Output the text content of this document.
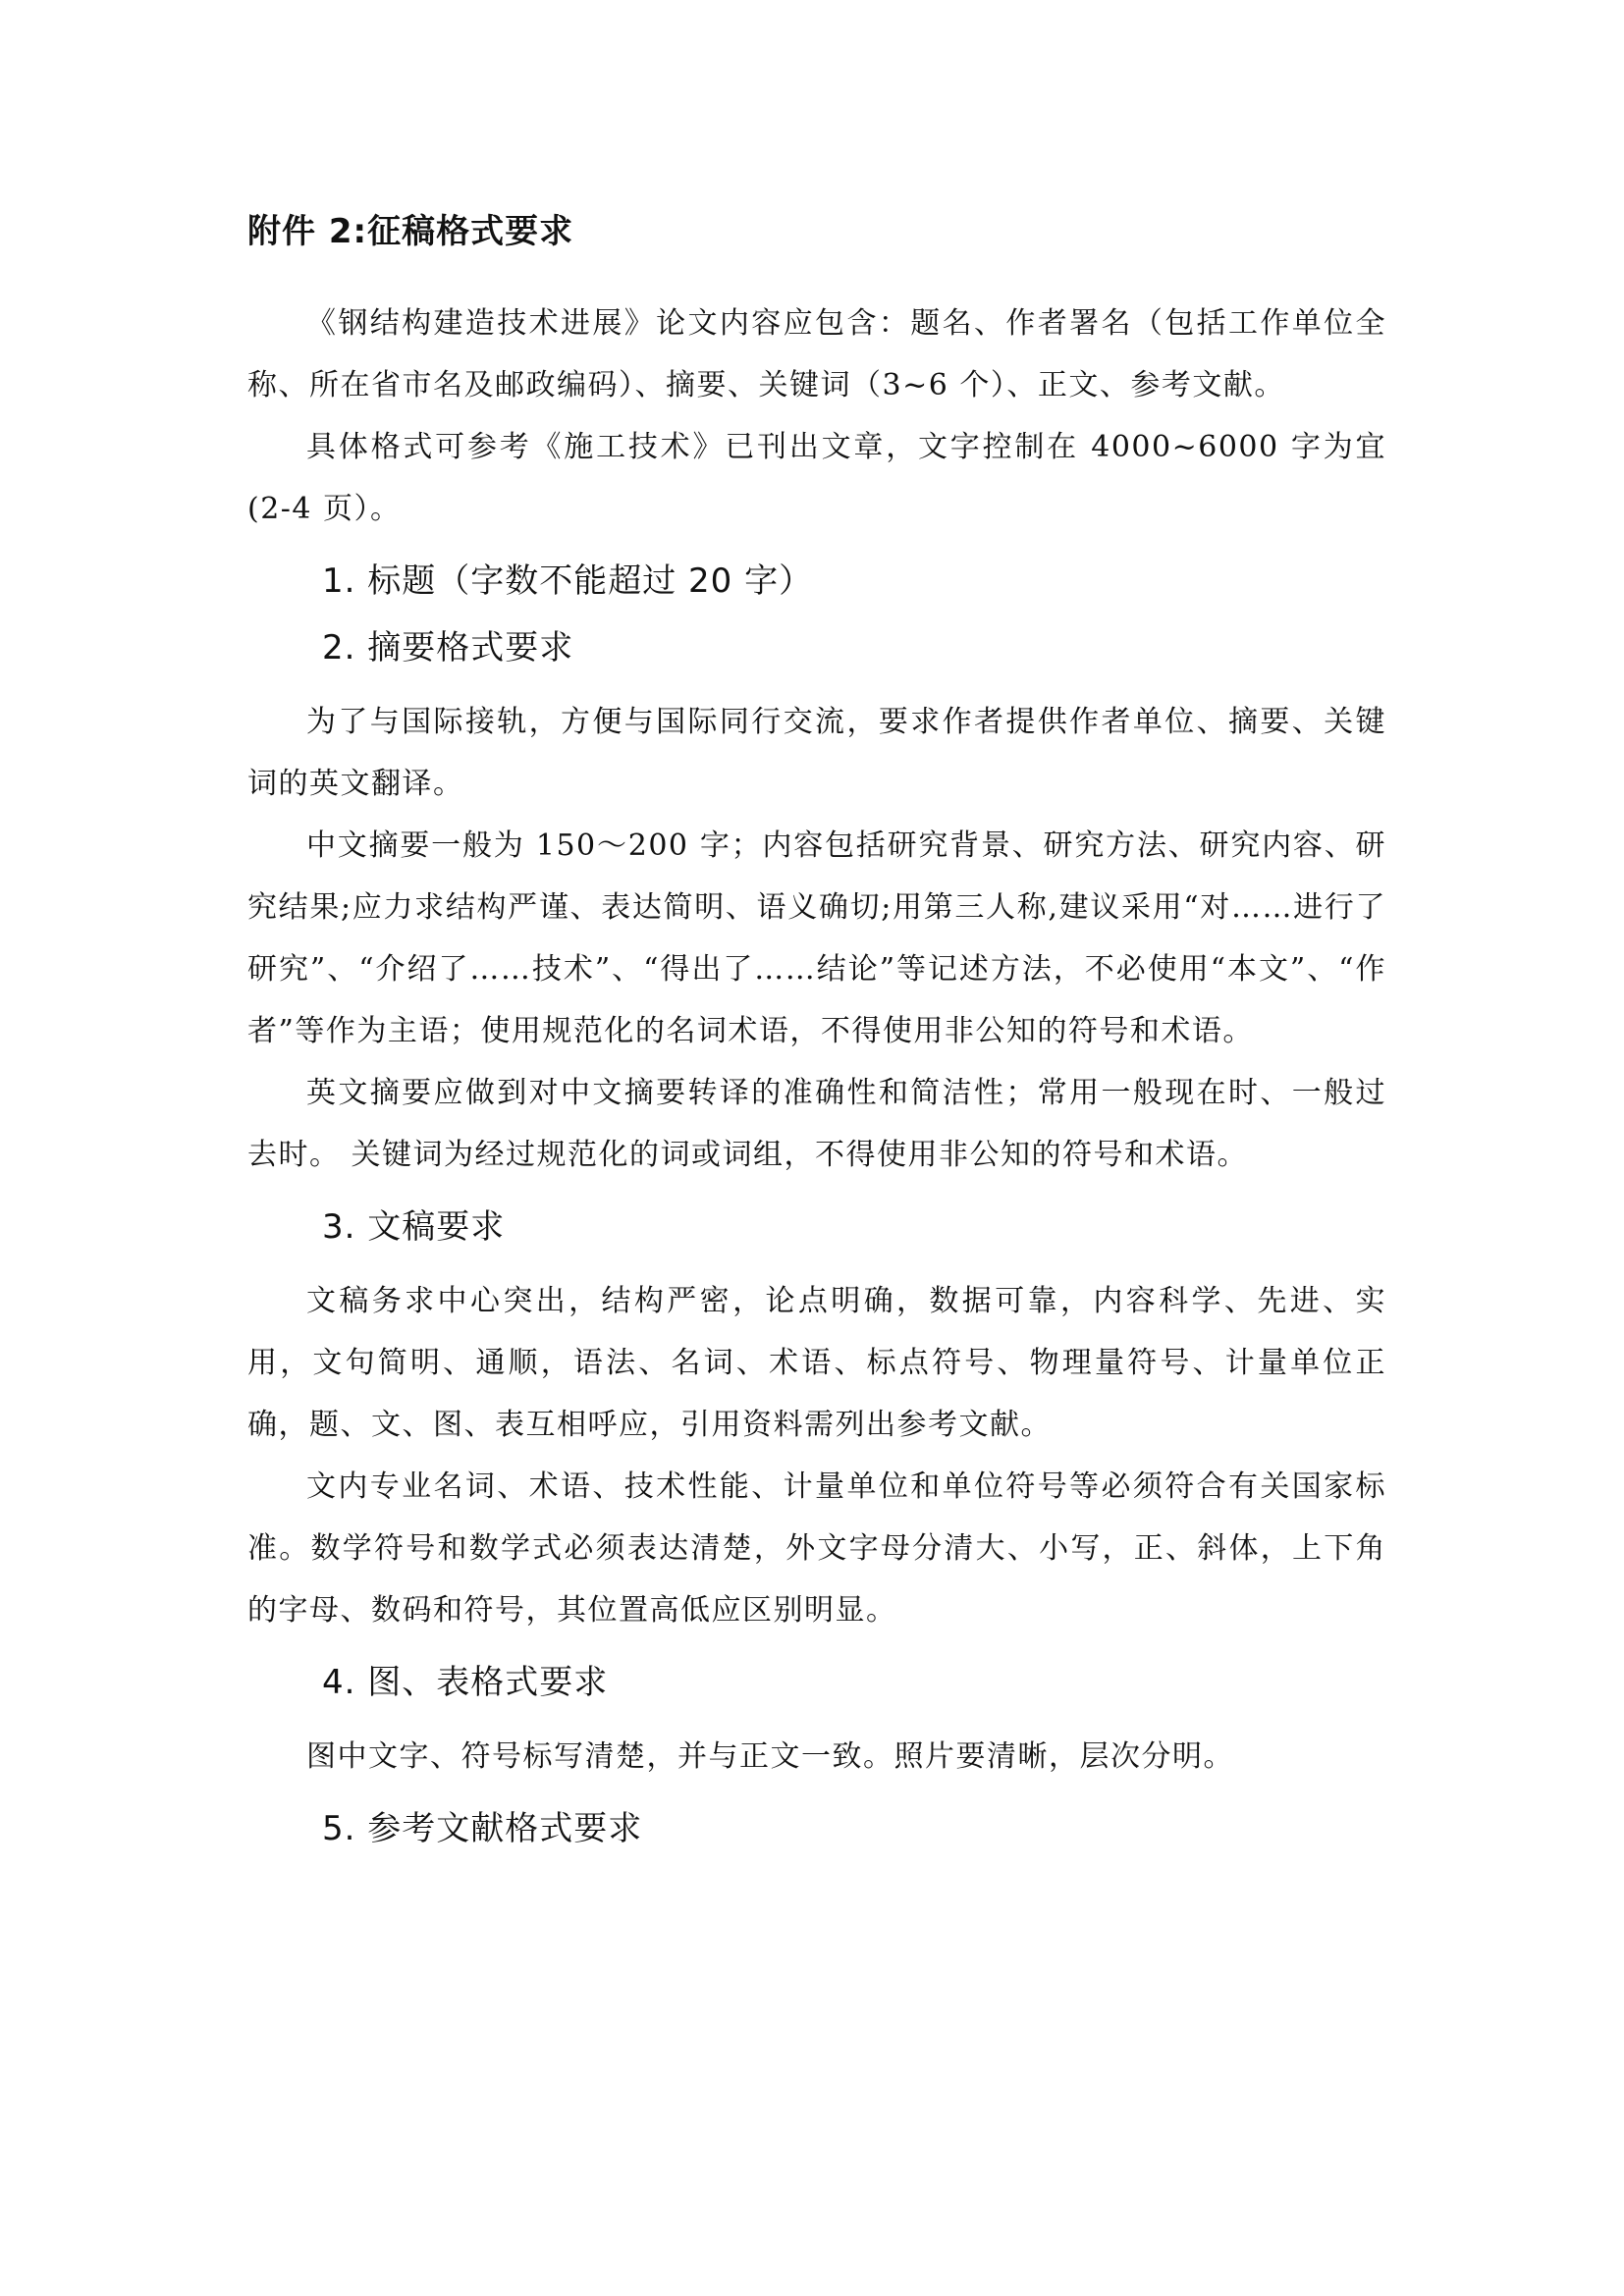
附件 2:征稿格式要求

《钢结构建造技术进展》论文内容应包含：题名、作者署名（包括工作单位全称、所在省市名及邮政编码）、摘要、关键词（3~6 个）、正文、参考文献。

具体格式可参考《施工技术》已刊出文章，文字控制在 4000~6000 字为宜(2-4 页）。

1. 标题（字数不能超过 20 字）
2. 摘要格式要求

为了与国际接轨，方便与国际同行交流，要求作者提供作者单位、摘要、关键词的英文翻译。

中文摘要一般为 150～200 字；内容包括研究背景、研究方法、研究内容、研究结果;应力求结构严谨、表达简明、语义确切;用第三人称,建议采用“对……进行了研究”、“介绍了……技术”、“得出了……结论”等记述方法，不必使用“本文”、“作者”等作为主语；使用规范化的名词术语，不得使用非公知的符号和术语。

英文摘要应做到对中文摘要转译的准确性和简洁性；常用一般现在时、一般过去时。 关键词为经过规范化的词或词组，不得使用非公知的符号和术语。

3. 文稿要求

文稿务求中心突出，结构严密，论点明确，数据可靠，内容科学、先进、实用，文句简明、通顺，语法、名词、术语、标点符号、物理量符号、计量单位正确，题、文、图、表互相呼应，引用资料需列出参考文献。

文内专业名词、术语、技术性能、计量单位和单位符号等必须符合有关国家标准。数学符号和数学式必须表达清楚，外文字母分清大、小写，正、斜体，上下角的字母、数码和符号，其位置高低应区别明显。

4. 图、表格式要求

图中文字、符号标写清楚，并与正文一致。照片要清晰，层次分明。

5. 参考文献格式要求
